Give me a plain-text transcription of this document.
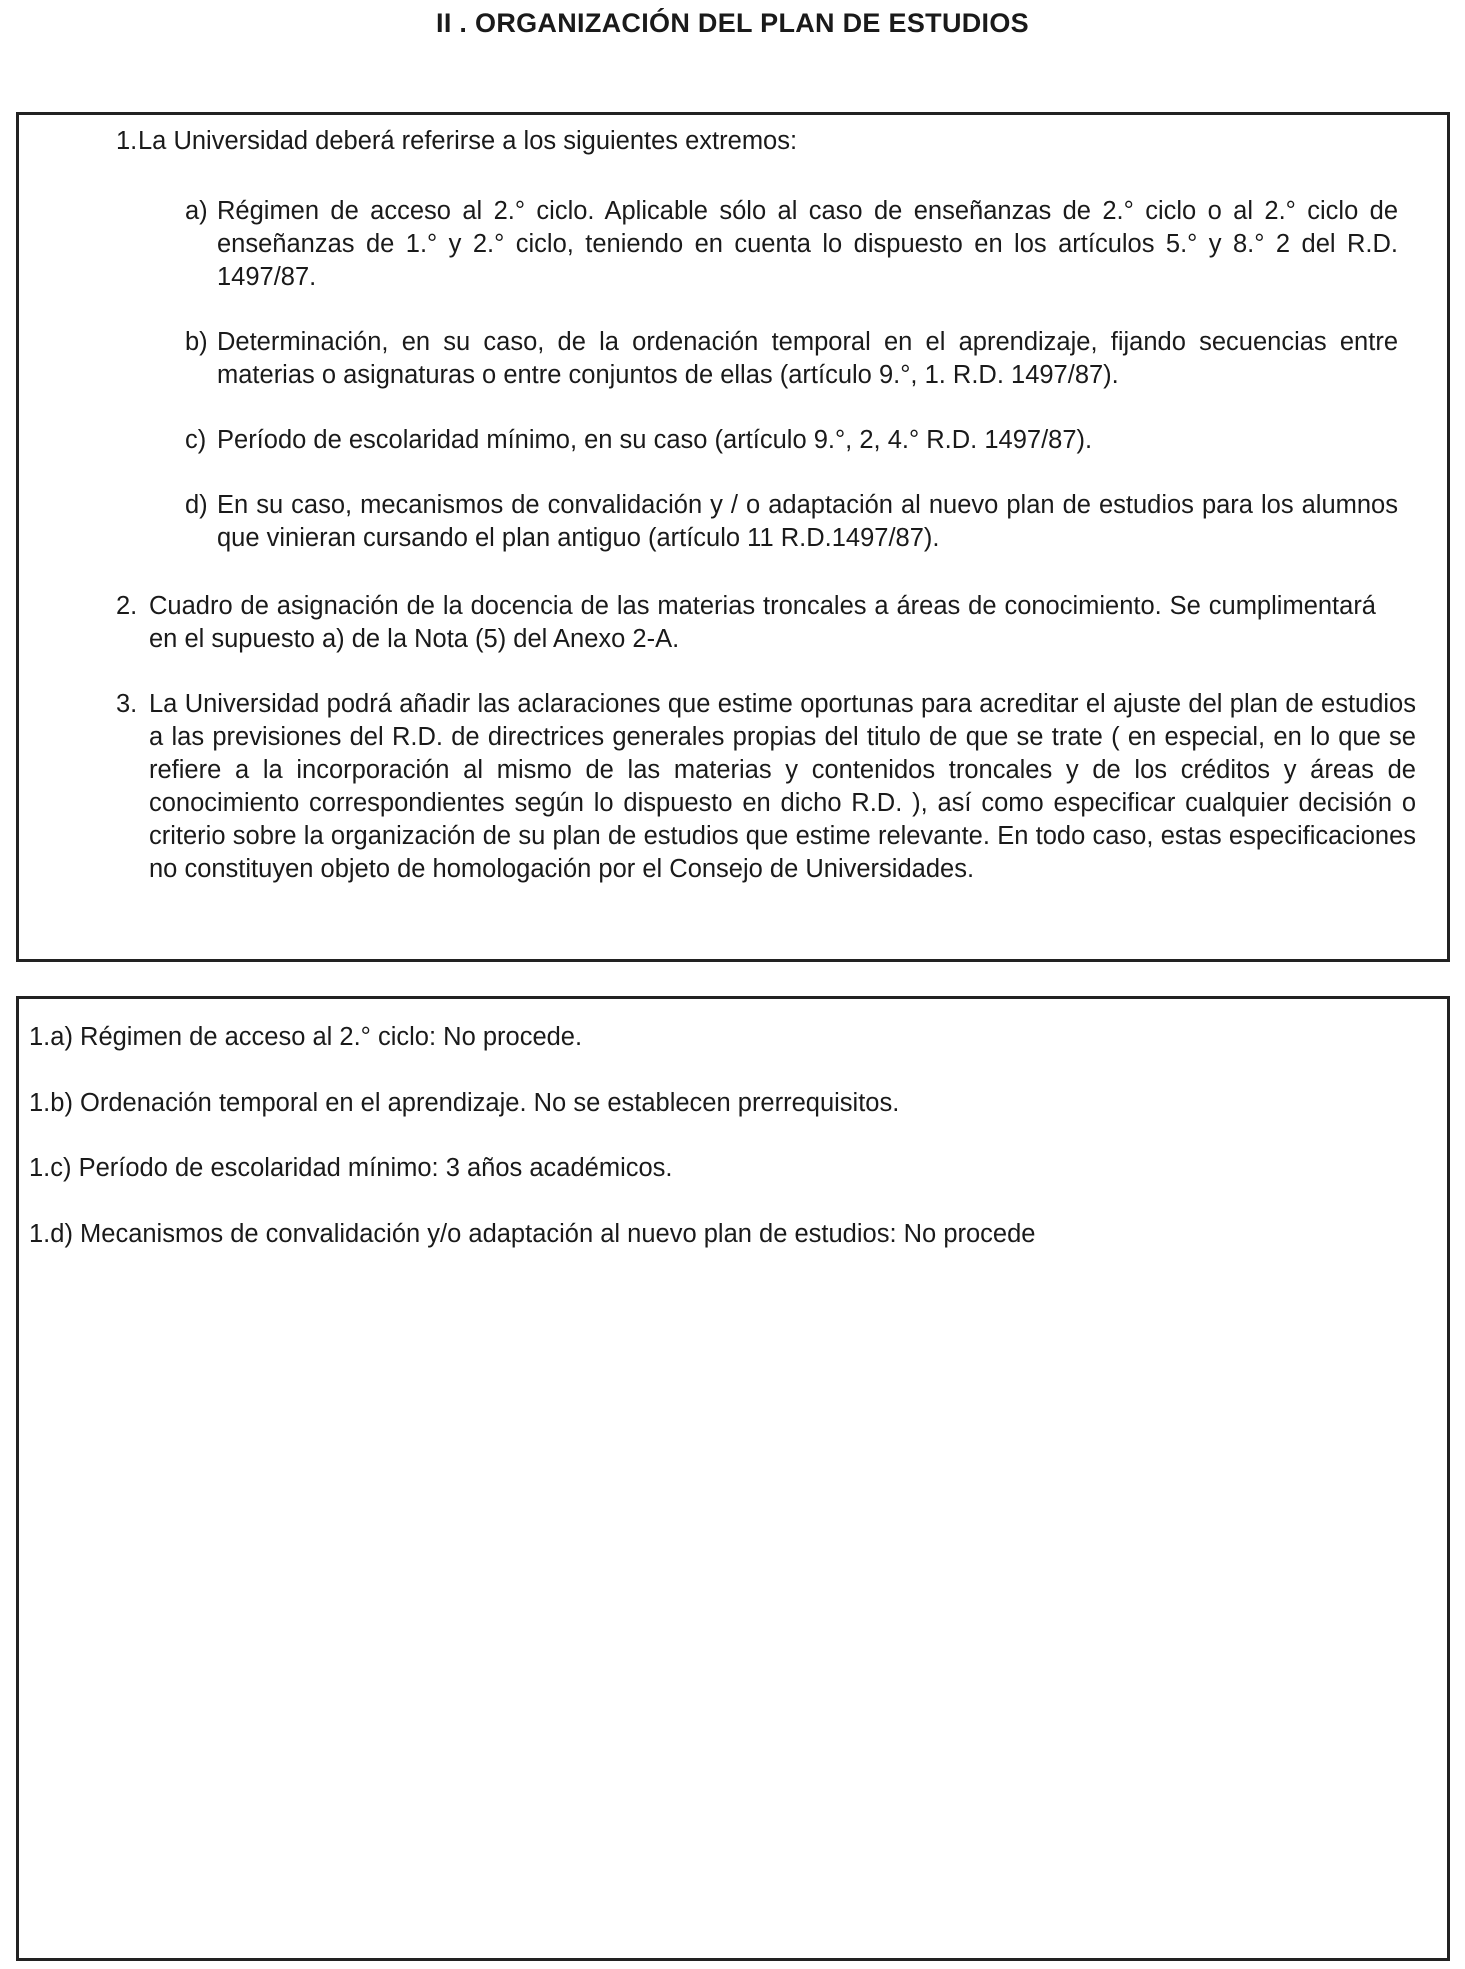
II . ORGANIZACIÓN DEL PLAN DE ESTUDIOS
1. La Universidad deberá referirse a los siguientes extremos:
a) Régimen de acceso al 2.° ciclo. Aplicable sólo al caso de enseñanzas de 2.° ciclo o al 2.° ciclo de enseñanzas de 1.° y 2.° ciclo, teniendo en cuenta lo dispuesto en los artículos 5.° y 8.° 2 del R.D. 1497/87.
b) Determinación, en su caso, de la ordenación temporal en el aprendizaje, fijando secuencias entre materias o asignaturas o entre conjuntos de ellas (artículo 9.°, 1. R.D. 1497/87).
c) Período de escolaridad mínimo, en su caso (artículo 9.°, 2, 4.° R.D. 1497/87).
d) En su caso, mecanismos de convalidación y / o adaptación al nuevo plan de estudios para los alumnos que vinieran cursando el plan antiguo (artículo 11 R.D.1497/87).
2. Cuadro de asignación de la docencia de las materias troncales a áreas de conocimiento. Se cumplimentará en el supuesto a) de la Nota (5) del Anexo 2-A.
3. La Universidad podrá añadir las aclaraciones que estime oportunas para acreditar el ajuste del plan de estudios a las previsiones del R.D. de directrices generales propias del titulo de que se trate ( en especial, en lo que se refiere a la incorporación al mismo de las materias y contenidos troncales y de los créditos y áreas de conocimiento correspondientes según lo dispuesto en dicho R.D. ), así como especificar cualquier decisión o criterio sobre la organización de su plan de estudios que estime relevante. En todo caso, estas especificaciones no constituyen objeto de homologación por el Consejo de Universidades.
1.a) Régimen de acceso al 2.° ciclo: No procede.
1.b) Ordenación temporal en el aprendizaje. No se establecen prerrequisitos.
1.c) Período de escolaridad mínimo: 3 años académicos.
1.d) Mecanismos de convalidación y/o adaptación al nuevo plan de estudios: No procede
